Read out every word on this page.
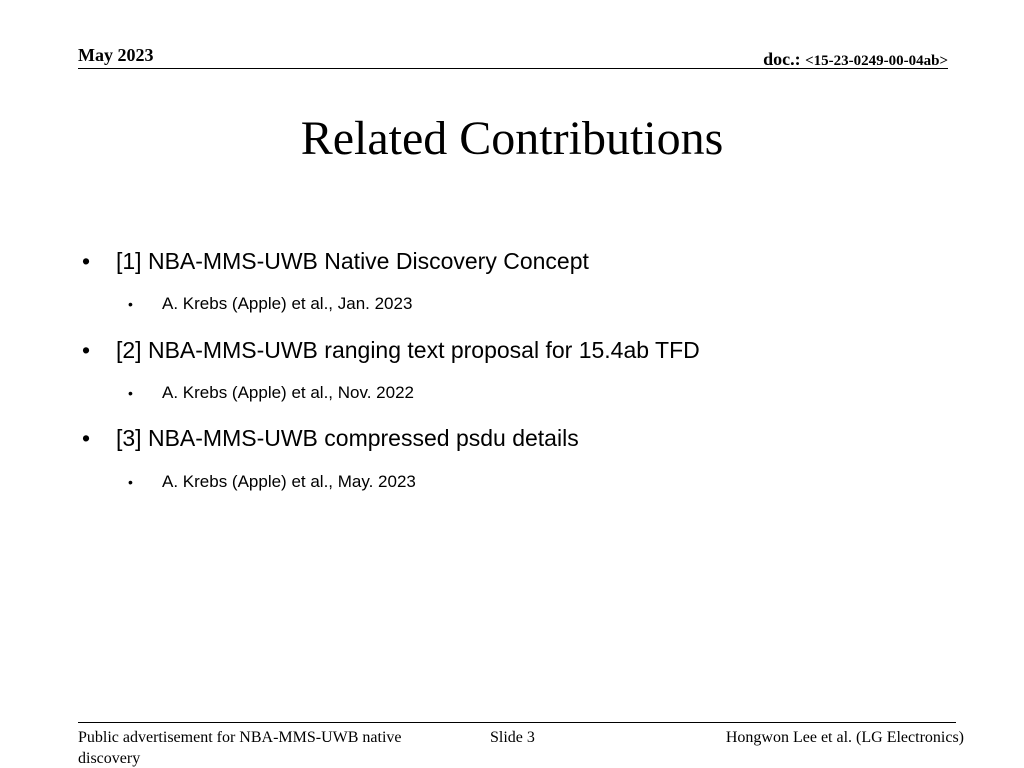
May 2023	doc.: <15-23-0249-00-04ab>
Related Contributions
• [1] NBA-MMS-UWB Native Discovery Concept
• A. Krebs (Apple) et al., Jan. 2023
• [2] NBA-MMS-UWB ranging text proposal for 15.4ab TFD
• A. Krebs (Apple) et al., Nov. 2022
• [3] NBA-MMS-UWB compressed psdu details
• A. Krebs (Apple) et al., May. 2023
Public advertisement for NBA-MMS-UWB native discovery
Slide 3	Hongwon Lee et al. (LG Electronics)
